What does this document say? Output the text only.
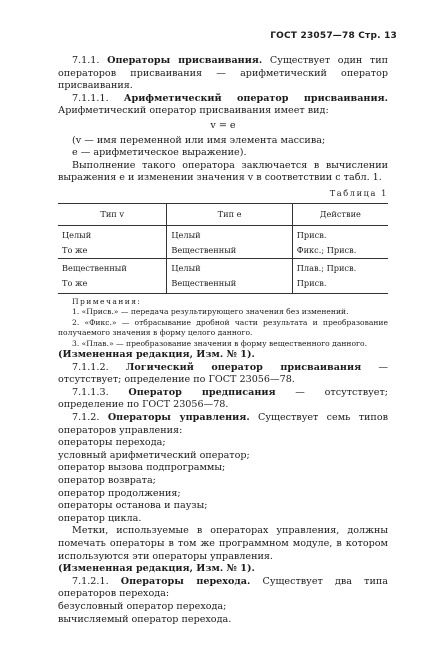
ГОСТ 23057—78 Стр. 13

7.1.1. Операторы присваивания. Существует один тип операторов присваивания — арифметический оператор присваивания.

7.1.1.1. Арифметический оператор присваивания. Арифметический оператор присваивания имеет вид:

v = e

(v — имя переменной или имя элемента массива;

e — арифметическое выражение).

Выполнение такого оператора заключается в вычислении выражения e и изменении значения v в соответствии с табл. 1.

Таблица 1
Тип v	Тип e	Действие
Целый	Целый	Присв.
То же	Вещественный	Фикс.; Присв.
Вещественный	Целый	Плав.; Присв.
То же	Вещественный	Присв.

Примечания:

1. «Присв.» — передача результирующего значения без изменений.

2. «Фикс.» — отбрасывание дробной части результата и преобразование получаемого значения в форму целого данного.

3. «Плав.» — преобразование значения в форму вещественного данного.

(Измененная редакция, Изм. № 1).

7.1.1.2. Логический оператор присваивания — отсутствует; определение по ГОСТ 23056—78.

7.1.1.3. Оператор предписания — отсутствует; определение по ГОСТ 23056—78.

7.1.2. Операторы управления. Существует семь типов операторов управления:

операторы перехода;

условный арифметический оператор;

оператор вызова подпрограммы;

оператор возврата;

оператор продолжения;

операторы останова и паузы;

оператор цикла.

Метки, используемые в операторах управления, должны помечать операторы в том же программном модуле, в котором используются эти операторы управления.

(Измененная редакция, Изм. № 1).

7.1.2.1. Операторы перехода. Существует два типа операторов перехода:

безусловный оператор перехода;

вычисляемый оператор перехода.
